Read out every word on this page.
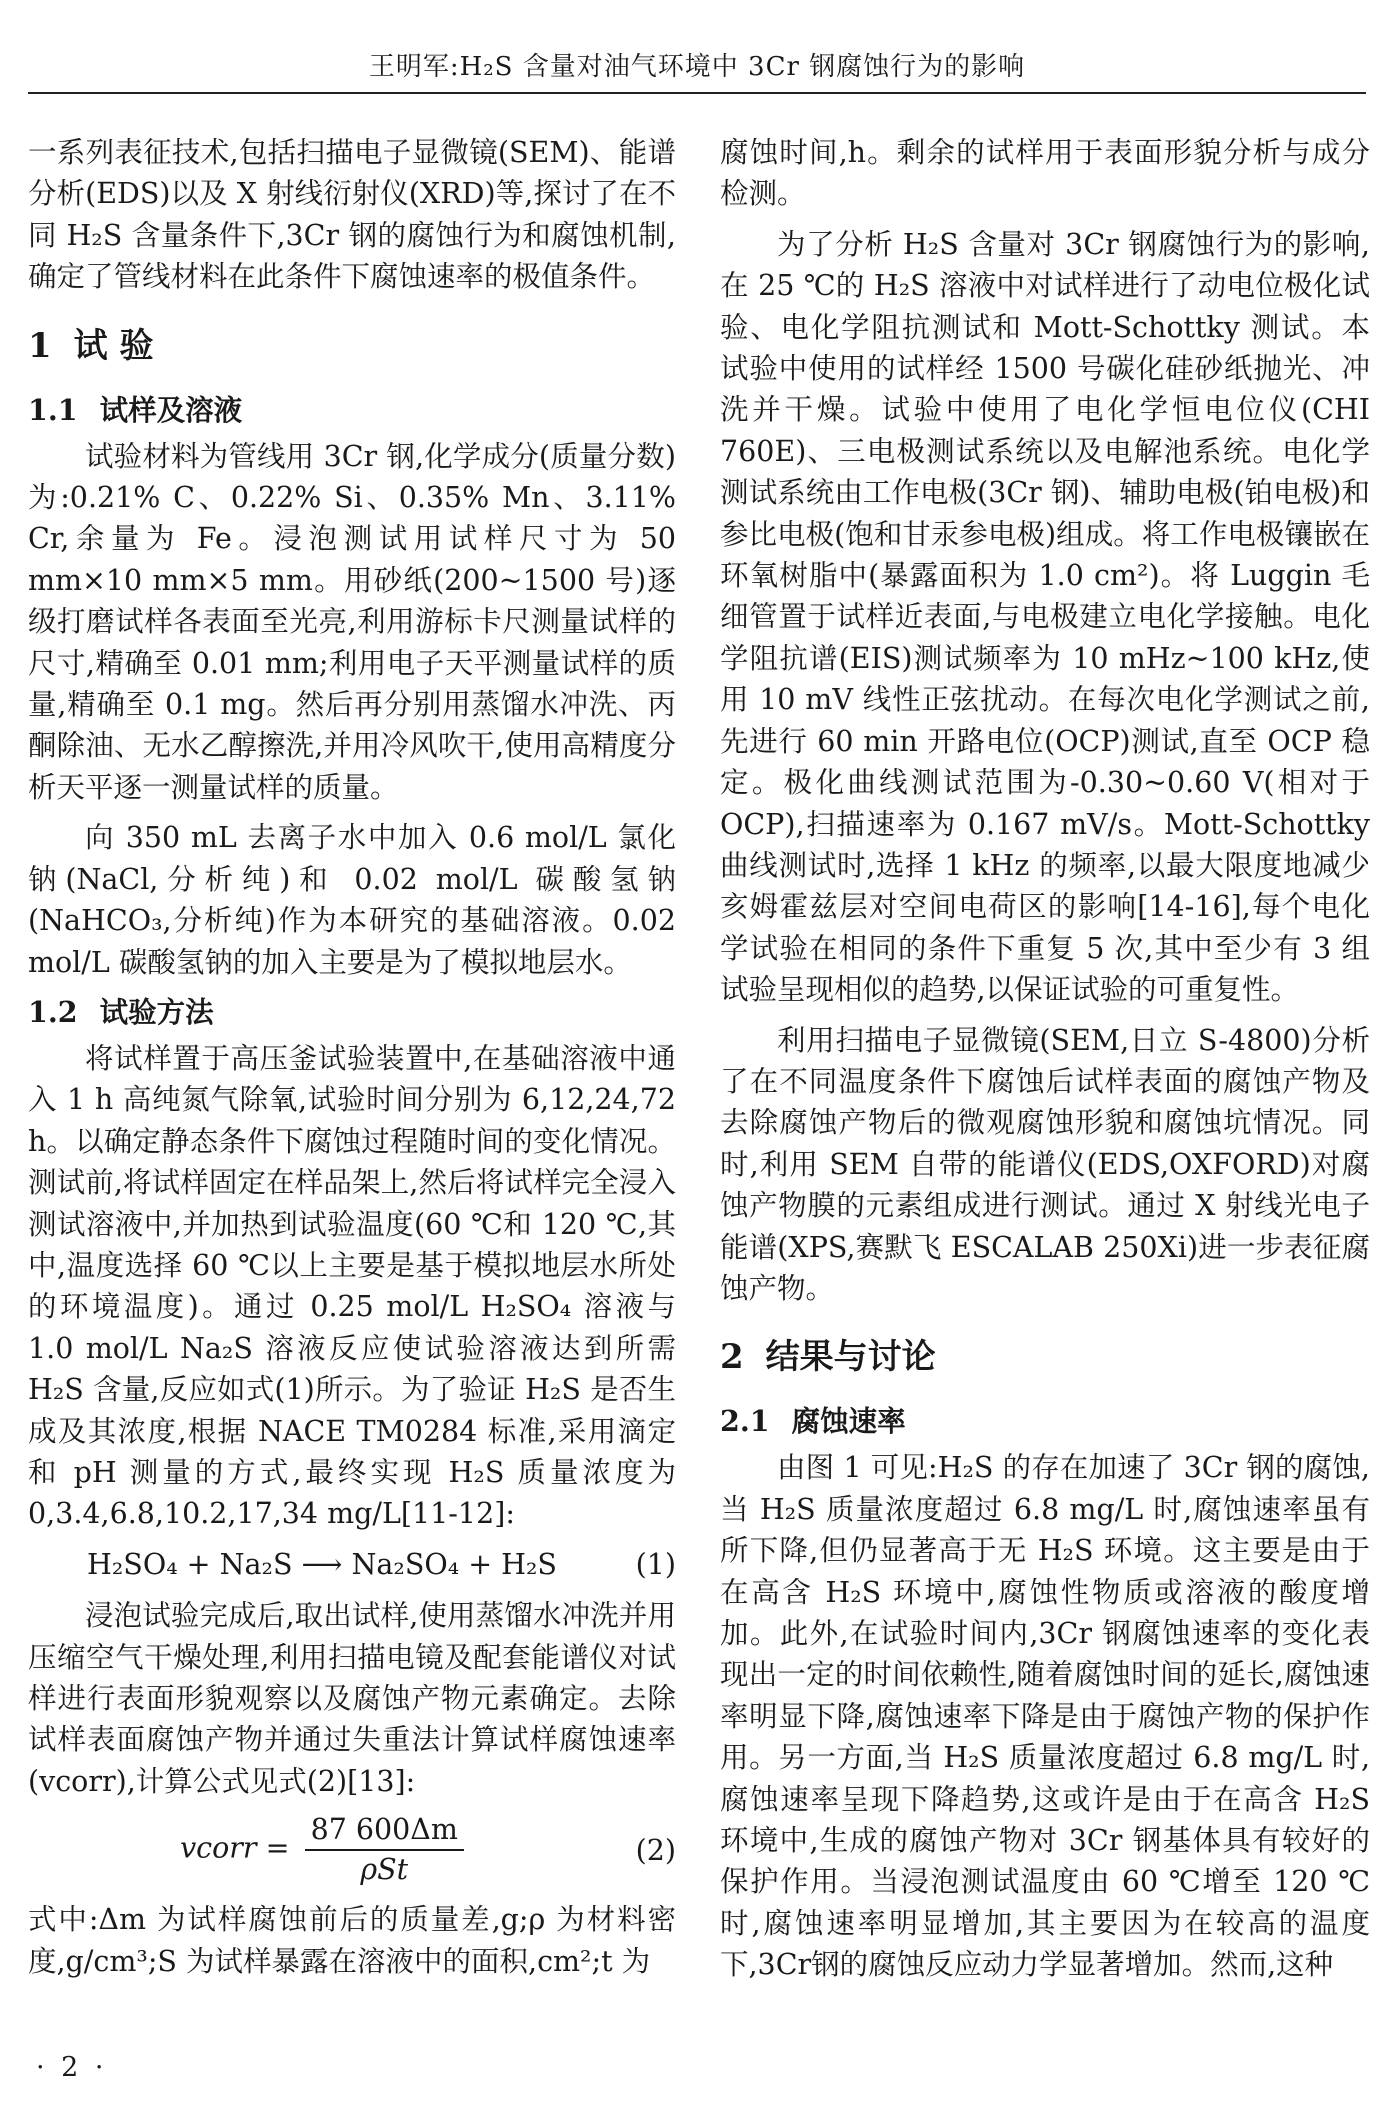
王明军:H₂S 含量对油气环境中 3Cr 钢腐蚀行为的影响

一系列表征技术,包括扫描电子显微镜(SEM)、能谱分析(EDS)以及 X 射线衍射仪(XRD)等,探讨了在不同 H₂S 含量条件下,3Cr 钢的腐蚀行为和腐蚀机制,确定了管线材料在此条件下腐蚀速率的极值条件。

1 试 验
1.1 试样及溶液

试验材料为管线用 3Cr 钢,化学成分(质量分数)为:0.21% C、0.22% Si、0.35% Mn、3.11% Cr,余量为 Fe。浸泡测试用试样尺寸为 50 mm×10 mm×5 mm。用砂纸(200~1500 号)逐级打磨试样各表面至光亮,利用游标卡尺测量试样的尺寸,精确至 0.01 mm;利用电子天平测量试样的质量,精确至 0.1 mg。然后再分别用蒸馏水冲洗、丙酮除油、无水乙醇擦洗,并用冷风吹干,使用高精度分析天平逐一测量试样的质量。

向 350 mL 去离子水中加入 0.6 mol/L 氯化钠(NaCl,分析纯)和 0.02 mol/L 碳酸氢钠(NaHCO₃,分析纯)作为本研究的基础溶液。0.02 mol/L 碳酸氢钠的加入主要是为了模拟地层水。

1.2 试验方法

将试样置于高压釜试验装置中,在基础溶液中通入 1 h 高纯氮气除氧,试验时间分别为 6,12,24,72 h。以确定静态条件下腐蚀过程随时间的变化情况。测试前,将试样固定在样品架上,然后将试样完全浸入测试溶液中,并加热到试验温度(60 ℃和 120 ℃,其中,温度选择 60 ℃以上主要是基于模拟地层水所处的环境温度)。通过 0.25 mol/L H₂SO₄ 溶液与 1.0 mol/L Na₂S 溶液反应使试验溶液达到所需 H₂S 含量,反应如式(1)所示。为了验证 H₂S 是否生成及其浓度,根据 NACE TM0284 标准,采用滴定和 pH 测量的方式,最终实现 H₂S 质量浓度为 0,3.4,6.8,10.2,17,34 mg/L[11-12]:

H₂SO₄ + Na₂S ⟶ Na₂SO₄ + H₂S	(1)

浸泡试验完成后,取出试样,使用蒸馏水冲洗并用压缩空气干燥处理,利用扫描电镜及配套能谱仪对试样进行表面形貌观察以及腐蚀产物元素确定。去除试样表面腐蚀产物并通过失重法计算试样腐蚀速率(vcorr),计算公式见式(2)[13]:

vcorr = $\frac{87 600\Delta m}{\text{ρSt}}$	(2)

式中:Δm 为试样腐蚀前后的质量差,g;ρ 为材料密度,g/cm³;S 为试样暴露在溶液中的面积,cm²;t 为

腐蚀时间,h。剩余的试样用于表面形貌分析与成分检测。

为了分析 H₂S 含量对 3Cr 钢腐蚀行为的影响,在 25 ℃的 H₂S 溶液中对试样进行了动电位极化试验、电化学阻抗测试和 Mott-Schottky 测试。本试验中使用的试样经 1500 号碳化硅砂纸抛光、冲洗并干燥。试验中使用了电化学恒电位仪(CHI 760E)、三电极测试系统以及电解池系统。电化学测试系统由工作电极(3Cr 钢)、辅助电极(铂电极)和参比电极(饱和甘汞参电极)组成。将工作电极镶嵌在环氧树脂中(暴露面积为 1.0 cm²)。将 Luggin 毛细管置于试样近表面,与电极建立电化学接触。电化学阻抗谱(EIS)测试频率为 10 mHz~100 kHz,使用 10 mV 线性正弦扰动。在每次电化学测试之前,先进行 60 min 开路电位(OCP)测试,直至 OCP 稳定。极化曲线测试范围为-0.30~0.60 V(相对于 OCP),扫描速率为 0.167 mV/s。Mott-Schottky 曲线测试时,选择 1 kHz 的频率,以最大限度地减少亥姆霍兹层对空间电荷区的影响[14-16],每个电化学试验在相同的条件下重复 5 次,其中至少有 3 组试验呈现相似的趋势,以保证试验的可重复性。

利用扫描电子显微镜(SEM,日立 S-4800)分析了在不同温度条件下腐蚀后试样表面的腐蚀产物及去除腐蚀产物后的微观腐蚀形貌和腐蚀坑情况。同时,利用 SEM 自带的能谱仪(EDS,OXFORD)对腐蚀产物膜的元素组成进行测试。通过 X 射线光电子能谱(XPS,赛默飞 ESCALAB 250Xi)进一步表征腐蚀产物。

2 结果与讨论
2.1 腐蚀速率

由图 1 可见:H₂S 的存在加速了 3Cr 钢的腐蚀,当 H₂S 质量浓度超过 6.8 mg/L 时,腐蚀速率虽有所下降,但仍显著高于无 H₂S 环境。这主要是由于在高含 H₂S 环境中,腐蚀性物质或溶液的酸度增加。此外,在试验时间内,3Cr 钢腐蚀速率的变化表现出一定的时间依赖性,随着腐蚀时间的延长,腐蚀速率明显下降,腐蚀速率下降是由于腐蚀产物的保护作用。另一方面,当 H₂S 质量浓度超过 6.8 mg/L 时,腐蚀速率呈现下降趋势,这或许是由于在高含 H₂S 环境中,生成的腐蚀产物对 3Cr 钢基体具有较好的保护作用。当浸泡测试温度由 60 ℃增至 120 ℃时,腐蚀速率明显增加,其主要因为在较高的温度下,3Cr钢的腐蚀反应动力学显著增加。然而,这种

· 2 ·
